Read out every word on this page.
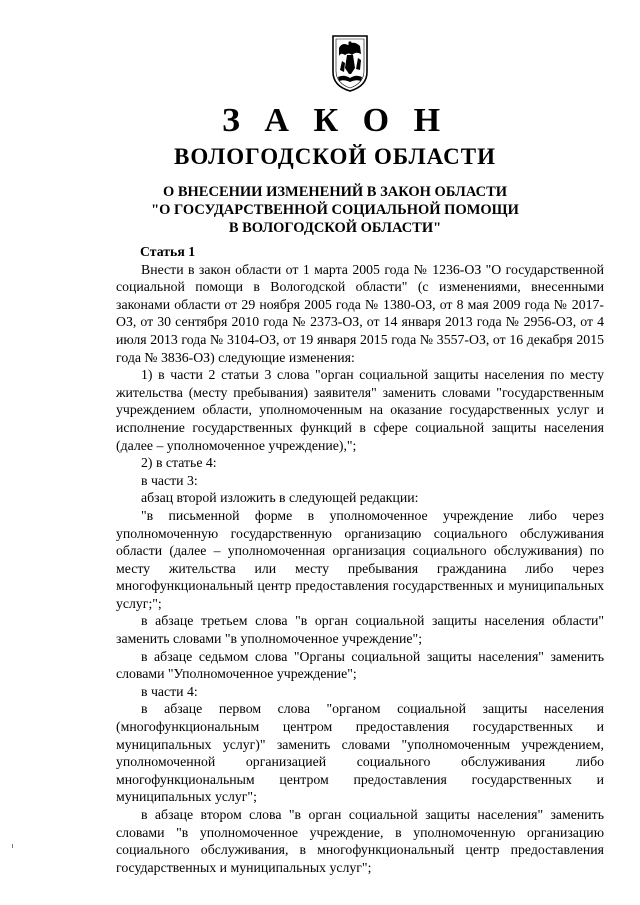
З А К О Н
ВОЛОГОДСКОЙ ОБЛАСТИ
О ВНЕСЕНИИ ИЗМЕНЕНИЙ В ЗАКОН ОБЛАСТИ
"О ГОСУДАРСТВЕННОЙ СОЦИАЛЬНОЙ ПОМОЩИ
В ВОЛОГОДСКОЙ ОБЛАСТИ"

Статья 1

Внести в закон области от 1 марта 2005 года № 1236-ОЗ "О государственной социальной помощи в Вологодской области" (с изменениями, внесенными законами области от 29 ноября 2005 года № 1380-ОЗ, от 8 мая 2009 года № 2017-ОЗ, от 30 сентября 2010 года № 2373-ОЗ, от 14 января 2013 года № 2956-ОЗ, от 4 июля 2013 года № 3104-ОЗ, от 19 января 2015 года № 3557-ОЗ, от 16 декабря 2015 года № 3836-ОЗ) следующие изменения:

1) в части 2 статьи 3 слова "орган социальной защиты населения по месту жительства (месту пребывания) заявителя" заменить словами "государственным учреждением области, уполномоченным на оказание государственных услуг и исполнение государственных функций в сфере социальной защиты населения (далее – уполномоченное учреждение),";

2) в статье 4:

в части 3:

абзац второй изложить в следующей редакции:

"в письменной форме в уполномоченное учреждение либо через уполномоченную государственную организацию социального обслуживания области (далее – уполномоченная организация социального обслуживания) по месту жительства или месту пребывания гражданина либо через многофункциональный центр предоставления государственных и муниципальных услуг;";

в абзаце третьем слова "в орган социальной защиты населения области" заменить словами "в уполномоченное учреждение";

в абзаце седьмом слова "Органы социальной защиты населения" заменить словами "Уполномоченное учреждение";

в части 4:

в абзаце первом слова "органом социальной защиты населения (многофункциональным центром предоставления государственных и муниципальных услуг)" заменить словами "уполномоченным учреждением, уполномоченной организацией социального обслуживания либо многофункциональным центром предоставления государственных и муниципальных услуг";

в абзаце втором слова "в орган социальной защиты населения" заменить словами "в уполномоченное учреждение, в уполномоченную организацию социального обслуживания, в многофункциональный центр предоставления государственных и муниципальных услуг";
